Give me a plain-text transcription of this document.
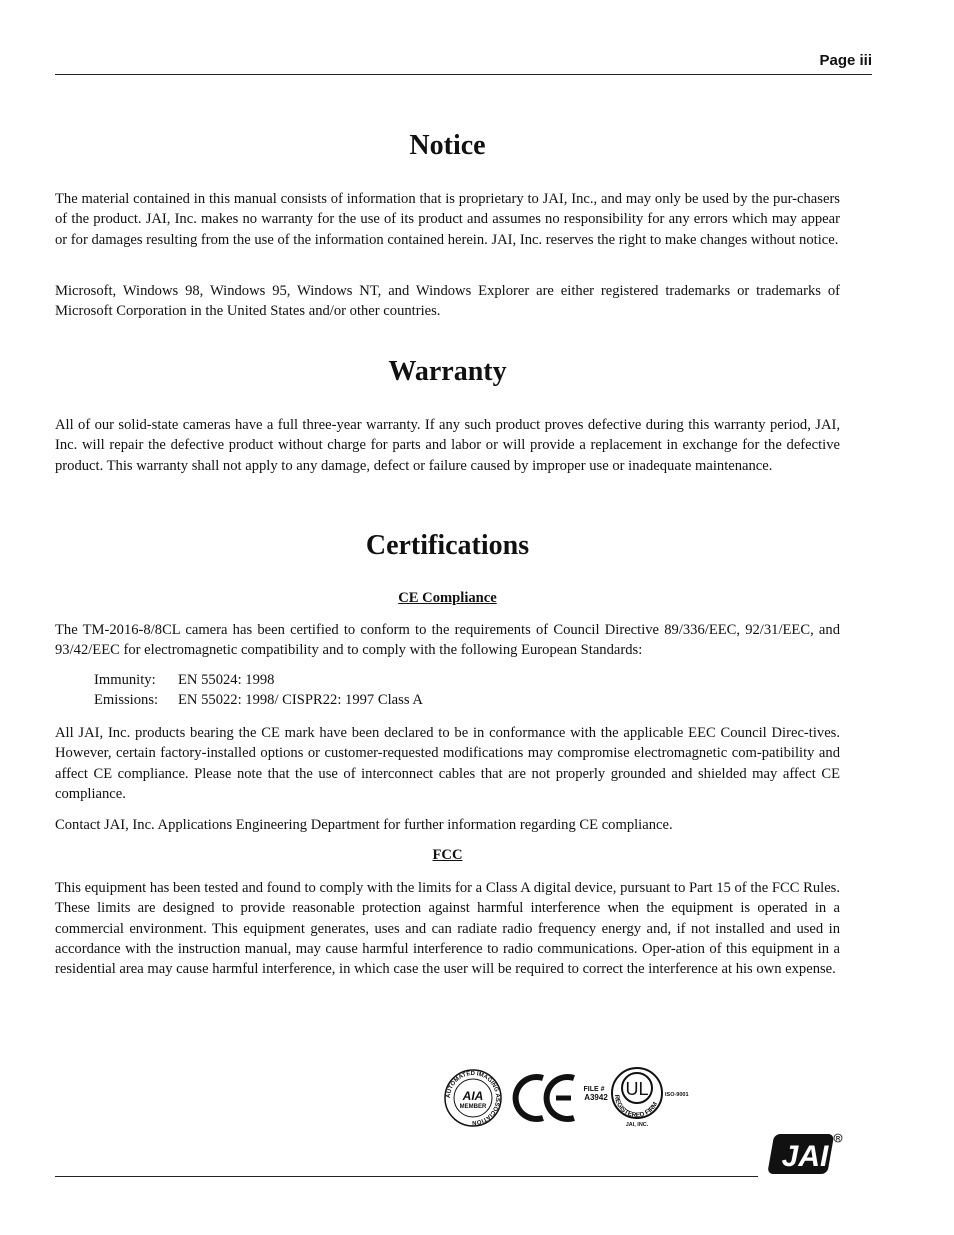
Page iii
Notice

The material contained in this manual consists of information that is proprietary to JAI, Inc., and may only be used by the pur-chasers of the product. JAI, Inc. makes no warranty for the use of its product and assumes no responsibility for any errors which may appear or for damages resulting from the use of the information contained herein. JAI, Inc. reserves the right to make changes without notice.

Microsoft, Windows 98, Windows 95, Windows NT, and Windows Explorer are either registered trademarks or trademarks of Microsoft Corporation in the United States and/or other countries.

Warranty

All of our solid-state cameras have a full three-year warranty. If any such product proves defective during this warranty period, JAI, Inc. will repair the defective product without charge for parts and labor or will provide a replacement in exchange for the defective product. This warranty shall not apply to any damage, defect or failure caused by improper use or inadequate maintenance.

Certifications
CE Compliance

The TM-2016-8/8CL camera has been certified to conform to the requirements of Council Directive 89/336/EEC, 92/31/EEC, and 93/42/EEC for electromagnetic compatibility and to comply with the following European Standards:

Immunity: EN 55024: 1998
Emissions: EN 55022: 1998/ CISPR22: 1997 Class A

All JAI, Inc. products bearing the CE mark have been declared to be in conformance with the applicable EEC Council Direc-tives. However, certain factory-installed options or customer-requested modifications may compromise electromagnetic com-patibility and affect CE compliance. Please note that the use of interconnect cables that are not properly grounded and shielded may affect CE compliance.

Contact JAI, Inc. Applications Engineering Department for further information regarding CE compliance.

FCC

This equipment has been tested and found to comply with the limits for a Class A digital device, pursuant to Part 15 of the FCC Rules. These limits are designed to provide reasonable protection against harmful interference when the equipment is operated in a commercial environment. This equipment generates, uses and can radiate radio frequency energy and, if not installed and used in accordance with the instruction manual, may cause harmful interference to radio communications. Oper-ation of this equipment in a residential area may cause harmful interference, in which case the user will be required to correct the interference at his own expense.

AUTOMATED IMAGING ASSOCIATION
AIA
MEMBER
FILE #
A3942 UL
REGISTERED FIRM
ISO-9001
JAI, INC.
JAI
R
